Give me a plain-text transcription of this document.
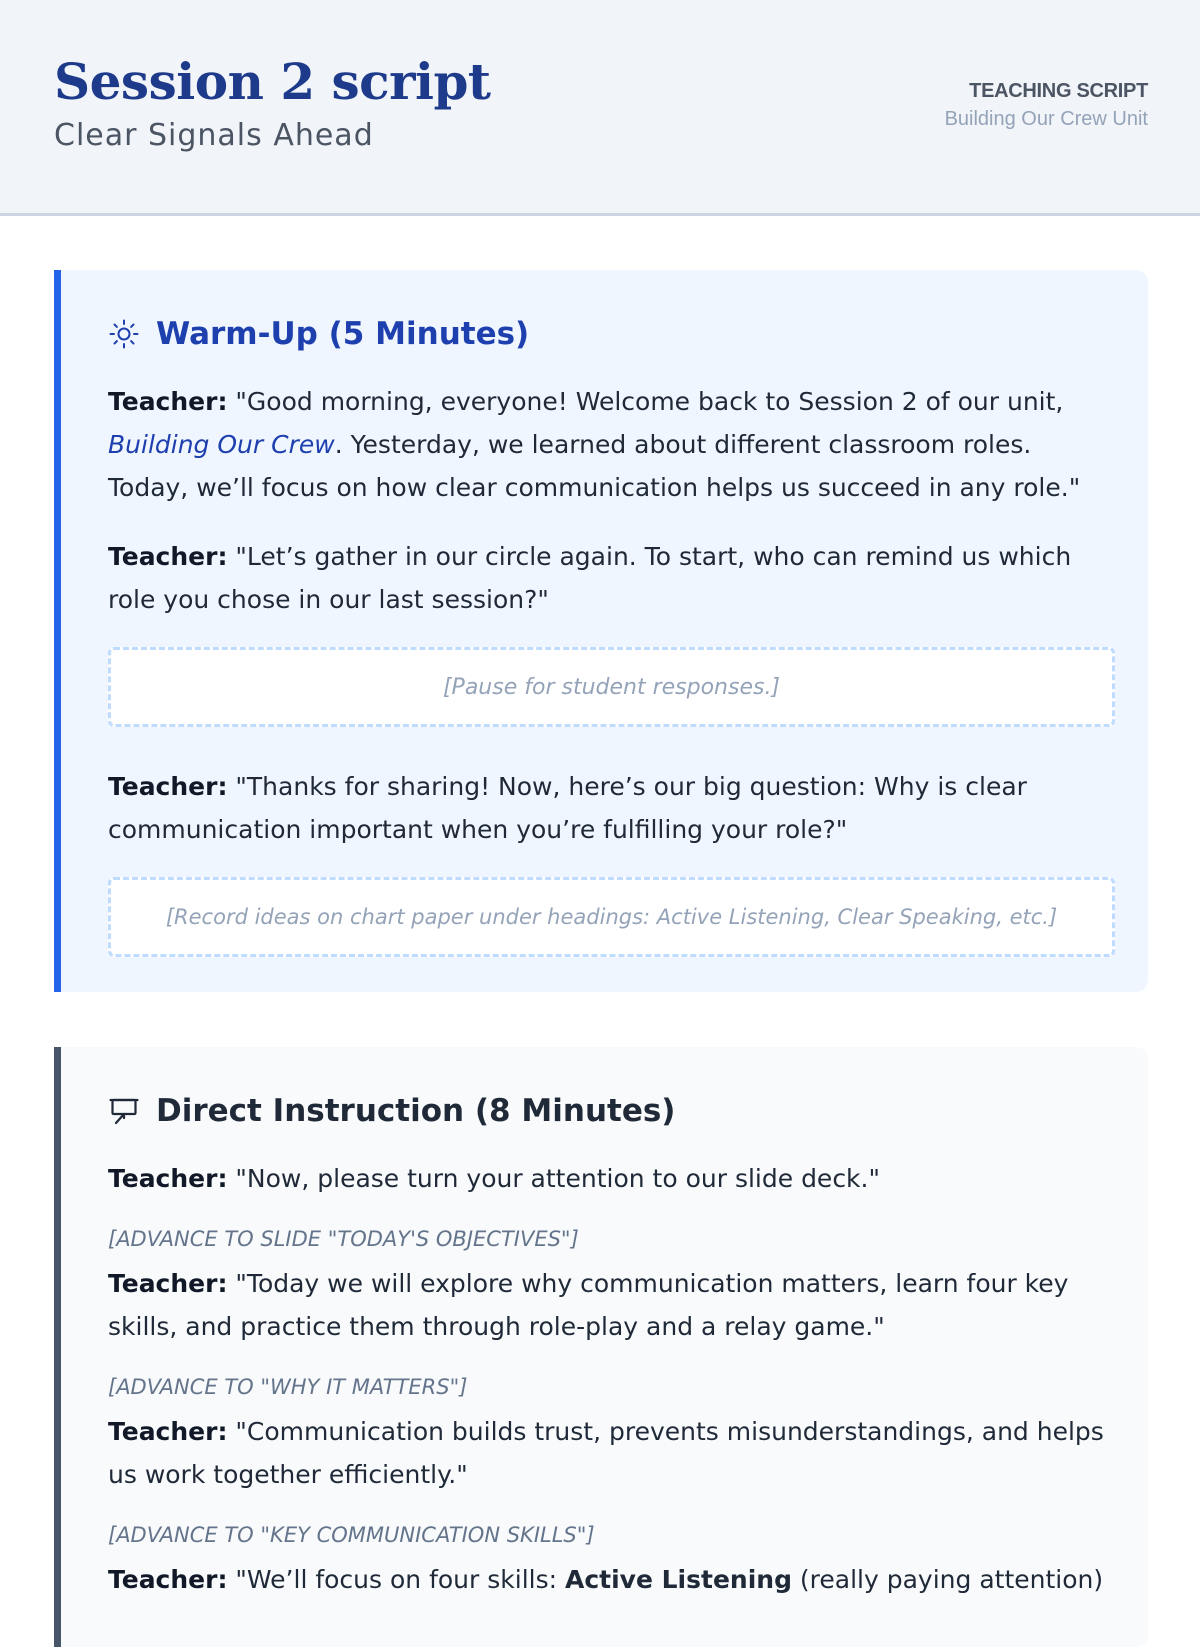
Session 2 script
Clear Signals Ahead
TEACHING SCRIPT
Building Our Crew Unit
Warm-Up (5 Minutes)

Teacher: "Good morning, everyone! Welcome back to Session 2 of our unit, Building Our Crew. Yesterday, we learned about different classroom roles. Today, we’ll focus on how clear communication helps us succeed in any role."

Teacher: "Let’s gather in our circle again. To start, who can remind us which role you chose in our last session?"

[Pause for student responses.]

Teacher: "Thanks for sharing! Now, here’s our big question: Why is clear communication important when you’re fulfilling your role?"

[Record ideas on chart paper under headings: Active Listening, Clear Speaking, etc.]
Direct Instruction (8 Minutes)

Teacher: "Now, please turn your attention to our slide deck."

[ADVANCE TO SLIDE "TODAY'S OBJECTIVES"]

Teacher: "Today we will explore why communication matters, learn four key skills, and practice them through role-play and a relay game."

[ADVANCE TO "WHY IT MATTERS"]

Teacher: "Communication builds trust, prevents misunderstandings, and helps us work together efficiently."

[ADVANCE TO "KEY COMMUNICATION SKILLS"]

Teacher: "We’ll focus on four skills: Active Listening (really paying attention)
